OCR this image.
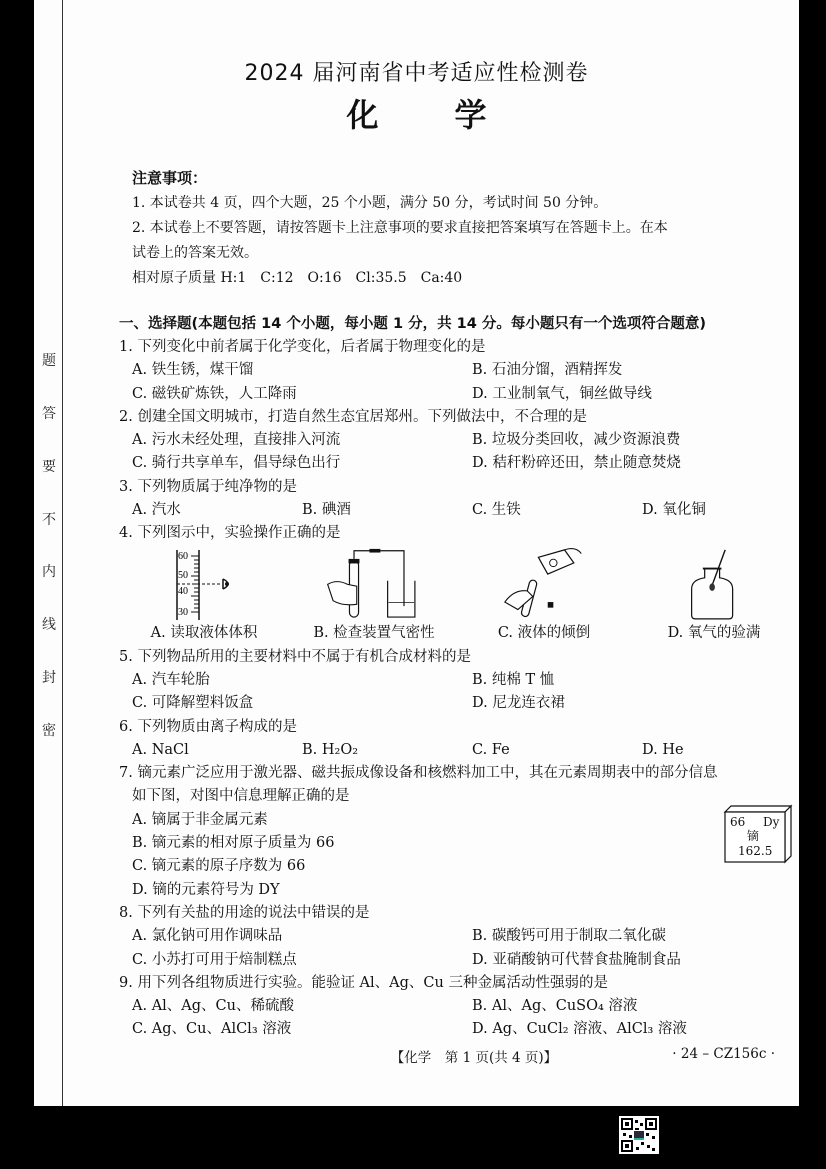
题
答
要
不
内
线
封
密
2024 届河南省中考适应性检测卷
化 学
注意事项：
1. 本试卷共 4 页，四个大题，25 个小题，满分 50 分，考试时间 50 分钟。
2. 本试卷上不要答题，请按答题卡上注意事项的要求直接把答案填写在答题卡上。在本
试卷上的答案无效。
相对原子质量 H:1　C:12　O:16　Cl:35.5　Ca:40
一、选择题(本题包括 14 个小题，每小题 1 分，共 14 分。每小题只有一个选项符合题意)

1. 下列变化中前者属于化学变化，后者属于物理变化的是

A. 铁生锈，煤干馏	B. 石油分馏，酒精挥发
C. 磁铁矿炼铁，人工降雨	D. 工业制氧气，铜丝做导线

2. 创建全国文明城市，打造自然生态宜居郑州。下列做法中，不合理的是

A. 污水未经处理，直接排入河流	B. 垃圾分类回收，减少资源浪费
C. 骑行共享单车，倡导绿色出行	D. 秸秆粉碎还田，禁止随意焚烧

3. 下列物质属于纯净物的是

A. 汽水	B. 碘酒	C. 生铁	D. 氧化铜

4. 下列图示中，实验操作正确的是

60
50
40
30
A. 读取液体体积	B. 检查装置气密性	C. 液体的倾倒	D. 氧气的验满

5. 下列物品所用的主要材料中不属于有机合成材料的是

A. 汽车轮胎	B. 纯棉 T 恤
C. 可降解塑料饭盒	D. 尼龙连衣裙

6. 下列物质由离子构成的是

A. NaCl	B. H₂O₂	C. Fe	D. He

7. 镝元素广泛应用于激光器、磁共振成像设备和核燃料加工中，其在元素周期表中的部分信息

如下图，对图中信息理解正确的是

A. 镝属于非金属元素
B. 镝元素的相对原子质量为 66
C. 镝元素的原子序数为 66
D. 镝的元素符号为 DY
66 Dy
镝
162.5

8. 下列有关盐的用途的说法中错误的是

A. 氯化钠可用作调味品	B. 碳酸钙可用于制取二氧化碳
C. 小苏打可用于焙制糕点	D. 亚硝酸钠可代替食盐腌制食品

9. 用下列各组物质进行实验。能验证 Al、Ag、Cu 三种金属活动性强弱的是

A. Al、Ag、Cu、稀硫酸	B. Al、Ag、CuSO₄ 溶液
C. Ag、Cu、AlCl₃ 溶液	D. Ag、CuCl₂ 溶液、AlCl₃ 溶液
【化学　第 1 页(共 4 页)】	· 24 – CZ156c ·
